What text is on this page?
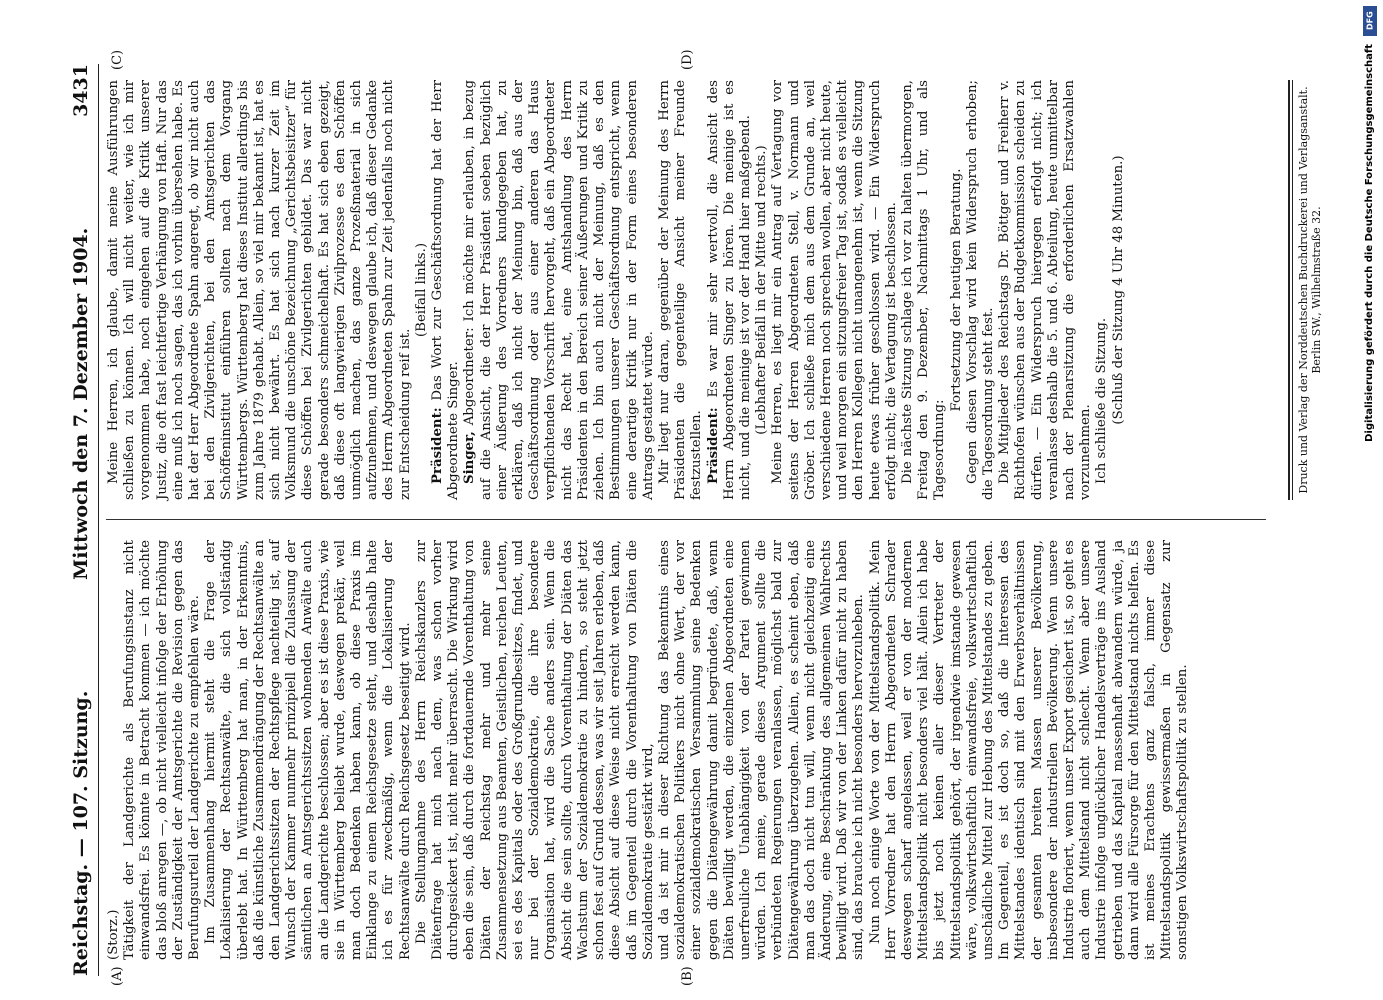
Reichstag. — 107. Sitzung.
Mittwoch den 7. Dezember 1904.
3431
(A)	(B)
(C)	(D)

(Storz.) Tätigkeit der Landgerichte als Berufungsinstanz nicht einwandsfrei. Es könnte in Betracht kommen — ich möchte das bloß anregen —, ob nicht vielleicht infolge der Erhöhung der Zuständigkeit der Amtsgerichte die Revision gegen das Berufungsurteil der Landgerichte zu empfehlen wäre. Im Zusammenhang hiermit steht die Frage der Lokalisierung der Rechtsanwälte, die sich vollständig überlebt hat. In Württemberg hat man, in der Erkenntnis, daß die künstliche Zusammendrängung der Rechtsanwälte an den Landgerichtssitzen der Rechtspflege nachteilig ist, auf Wunsch der Kammer nunmehr prinzipiell die Zulassung der sämtlichen an Amtsgerichtssitzen wohnenden Anwälte auch an die Landgerichte beschlossen; aber es ist diese Praxis, wie sie in Württemberg beliebt wurde, deswegen prekär, weil man doch Bedenken haben kann, ob diese Praxis im Einklange zu einem Reichsgesetze steht, und deshalb halte ich es für zweckmäßig, wenn die Lokalisierung der Rechtsanwälte durch Reichsgesetz beseitigt wird. Die Stellungnahme des Herrn Reichskanzlers zur Diätenfrage hat mich nach dem, was schon vorher durchgesickert ist, nicht mehr überrascht. Die Wirkung wird eben die sein, daß durch die fortdauernde Vorenthaltung von Diäten der Reichstag mehr und mehr seine Zusammensetzung aus Beamten, Geistlichen, reichen Leuten, sei es des Kapitals oder des Großgrundbesitzes, findet, und nur bei der Sozialdemokratie, die ihre besondere Organisation hat, wird die Sache anders sein. Wenn die Absicht die sein sollte, durch Vorenthaltung der Diäten das Wachstum der Sozialdemokratie zu hindern, so steht jetzt schon fest auf Grund dessen, was wir seit Jahren erleben, daß diese Absicht auf diese Weise nicht erreicht werden kann, daß im Gegenteil durch die Vorenthaltung von Diäten die Sozialdemokratie gestärkt wird, und da ist mir in dieser Richtung das Bekenntnis eines sozialdemokratischen Politikers nicht ohne Wert, der vor einer sozialdemokratischen Versammlung seine Bedenken gegen die Diätengewährung damit begründete, daß, wenn Diäten bewilligt werden, die einzelnen Abgeordneten eine unerfreuliche Unabhängigkeit von der Partei gewinnen würden. Ich meine, gerade dieses Argument sollte die verbündeten Regierungen veranlassen, möglichst bald zur Diätengewährung überzugehen. Allein, es scheint eben, daß man das doch nicht tun will, wenn nicht gleichzeitig eine Änderung, eine Beschränkung des allgemeinen Wahlrechts bewilligt wird. Daß wir von der Linken dafür nicht zu haben sind, das brauche ich nicht besonders hervorzuheben. Nun noch einige Worte von der Mittelstandspolitik. Mein Herr Vorredner hat den Herrn Abgeordneten Schrader deswegen scharf angelassen, weil er von der modernen Mittelstandspolitik nicht besonders viel hält. Allein ich habe bis jetzt noch keinen aller dieser Vertreter der Mittelstandspolitik gehört, der irgendwie imstande gewesen wäre, volkswirtschaftlich einwandsfreie, volkswirtschaftlich unschädliche Mittel zur Hebung des Mittelstandes zu geben. Im Gegenteil, es ist doch so, daß die Interessen des Mittelstandes identisch sind mit den Erwerbsverhältnissen der gesamten breiten Massen unserer Bevölkerung, insbesondere der industriellen Bevölkerung. Wenn unsere Industrie floriert, wenn unser Export gesichert ist, so geht es auch dem Mittelstand nicht schlecht. Wenn aber unsere Industrie infolge unglücklicher Handelsverträge ins Ausland getrieben und das Kapital massenhaft abwandern würde, ja dann wird alle Fürsorge für den Mittelstand nichts helfen. Es ist meines Erachtens ganz falsch, immer diese Mittelstandspolitik gewissermaßen in Gegensatz zur sonstigen Volkswirtschaftspolitik zu stellen.

Meine Herren, ich glaube, damit meine Ausführungen schließen zu können. Ich will nicht weiter, wie ich mir vorgenommen habe, noch eingehen auf die Kritik unserer Justiz, die oft fast leichtfertige Verhängung von Haft. Nur das eine muß ich noch sagen, das ich vorhin übersehen habe. Es hat der Herr Abgeordnete Spahn angeregt, ob wir nicht auch bei den Zivilgerichten, bei den Amtsgerichten das Schöffeninstitut einführen sollten nach dem Vorgang Württembergs. Württemberg hat dieses Institut allerdings bis zum Jahre 1879 gehabt. Allein, so viel mir bekannt ist, hat es sich nicht bewährt. Es hat sich nach kurzer Zeit im Volksmund die unschöne Bezeichnung „Gerichtsbeisitzer“ für diese Schöffen bei Zivilgerichten gebildet. Das war nicht gerade besonders schmeichelhaft. Es hat sich eben gezeigt, daß diese oft langwierigen Zivilprozesse es den Schöffen unmöglich machen, das ganze Prozeßmaterial in sich aufzunehmen, und deswegen glaube ich, daß dieser Gedanke des Herrn Abgeordneten Spahn zur Zeit jedenfalls noch nicht zur Entscheidung reif ist.

(Beifall links.)

Präsident: Das Wort zur Geschäftsordnung hat der Herr Abgeordnete Singer. Singer, Abgeordneter: Ich möchte mir erlauben, in bezug auf die Ansicht, die der Herr Präsident soeben bezüglich einer Äußerung des Vorredners kundgegeben hat, zu erklären, daß ich nicht der Meinung bin, daß aus der Geschäftsordnung oder aus einer anderen das Haus verpflichtenden Vorschrift hervorgeht, daß ein Abgeordneter nicht das Recht hat, eine Amtshandlung des Herrn Präsidenten in den Bereich seiner Äußerungen und Kritik zu ziehen. Ich bin auch nicht der Meinung, daß es den Bestimmungen unserer Geschäftsordnung entspricht, wenn eine derartige Kritik nur in der Form eines besonderen Antrags gestattet würde. Mir liegt nur daran, gegenüber der Meinung des Herrn Präsidenten die gegenteilige Ansicht meiner Freunde festzustellen. Präsident: Es war mir sehr wertvoll, die Ansicht des Herrn Abgeordneten Singer zu hören. Die meinige ist es nicht, und die meinige ist vor der Hand hier maßgebend. (Lebhafter Beifall in der Mitte und rechts.) Meine Herren, es liegt mir ein Antrag auf Vertagung vor seitens der Herren Abgeordneten Stell, v. Normann und Gröber. Ich schließe mich dem aus dem Grunde an, weil verschiedene Herren noch sprechen wollen, aber nicht heute, und weil morgen ein sitzungsfreier Tag ist, sodaß es vielleicht den Herren Kollegen nicht unangenehm ist, wenn die Sitzung heute etwas früher geschlossen wird. — Ein Widerspruch erfolgt nicht; die Vertagung ist beschlossen. Die nächste Sitzung schlage ich vor zu halten übermorgen, Freitag den 9. Dezember, Nachmittags 1 Uhr, und als Tagesordnung:

Fortsetzung der heutigen Beratung. Gegen diesen Vorschlag wird kein Widerspruch erhoben; die Tagesordnung steht fest. Die Mitglieder des Reichstags Dr. Böttger und Freiherr v. Richthofen wünschen aus der Budgetkommission scheiden zu dürfen. — Ein Widerspruch hiergegen erfolgt nicht; ich veranlasse deshalb die 5. und 6. Abteilung, heute unmittelbar nach der Plenarsitzung die erforderlichen Ersatzwahlen vorzunehmen. Ich schließe die Sitzung. (Schluß der Sitzung 4 Uhr 48 Minuten.)	Druck und Verlag der Norddeutschen Buchdruckerei und Verlagsanstalt. Berlin SW., Wilhelmstraße 32.
DFG
Digitalisierung gefördert durch die Deutsche Forschungsgemeinschaft
